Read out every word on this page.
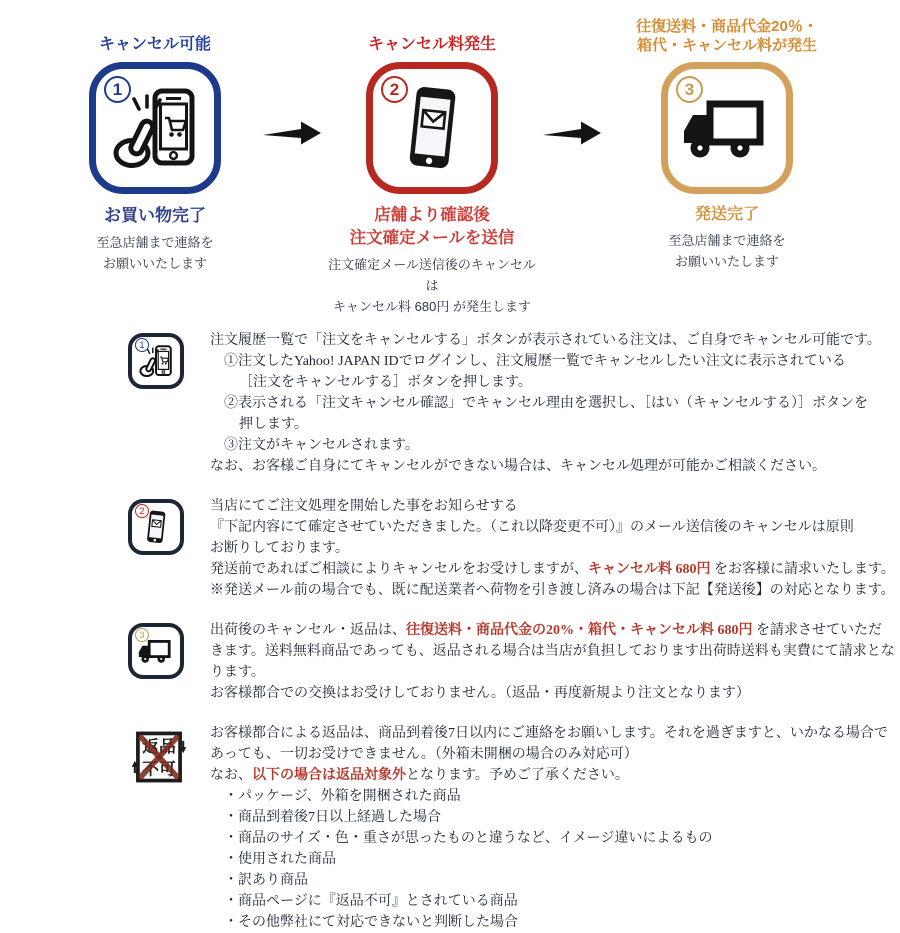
キャンセル可能
1
お買い物完了
至急店舗まで連絡を
お願いいたします
キャンセル料発生
2
店舗より確認後
注文確定メールを送信
注文確定メール送信後のキャンセルは
キャンセル料 680円 が発生します
往復送料・商品代金20％・
箱代・キャンセル料が発生
3
発送完了
至急店舗まで連絡を
お願いいたします
1	注文履歴一覧で「注文をキャンセルする」ボタンが表示されている注文は、ご自身でキャンセル可能です。
①注文したYahoo! JAPAN IDでログインし、注文履歴一覧でキャンセルしたい注文に表示されている
［注文をキャンセルする］ボタンを押します。
②表示される「注文キャンセル確認」でキャンセル理由を選択し、［はい（キャンセルする）］ボタンを
押します。
③注文がキャンセルされます。
なお、お客様ご自身にてキャンセルができない場合は、キャンセル処理が可能かご相談ください。
2	当店にてご注文処理を開始した事をお知らせする
『下記内容にて確定させていただきました。（これ以降変更不可）』のメール送信後のキャンセルは原則
お断りしております。
発送前であればご相談によりキャンセルをお受けしますが、キャンセル料 680円 をお客様に請求いたします。
※発送メール前の場合でも、既に配送業者へ荷物を引き渡し済みの場合は下記【発送後】の対応となります。
3	出荷後のキャンセル・返品は、往復送料・商品代金の20%・箱代・キャンセル料 680円 を請求させていただ
きます。送料無料商品であっても、返品される場合は当店が負担しております出荷時送料も実費にて請求とな
ります。
お客様都合での交換はお受けしておりません。（返品・再度新規より注文となります）
返品
不可
お客様都合による返品は、商品到着後7日以内にご連絡をお願いします。それを過ぎますと、いかなる場合で
あっても、一切お受けできません。（外箱未開梱の場合のみ対応可）
なお、以下の場合は返品対象外となります。予めご了承ください。
・パッケージ、外箱を開梱された商品
・商品到着後7日以上経過した場合
・商品のサイズ・色・重さが思ったものと違うなど、イメージ違いによるもの
・使用された商品
・訳あり商品
・商品ページに『返品不可』とされている商品
・その他弊社にて対応できないと判断した場合
